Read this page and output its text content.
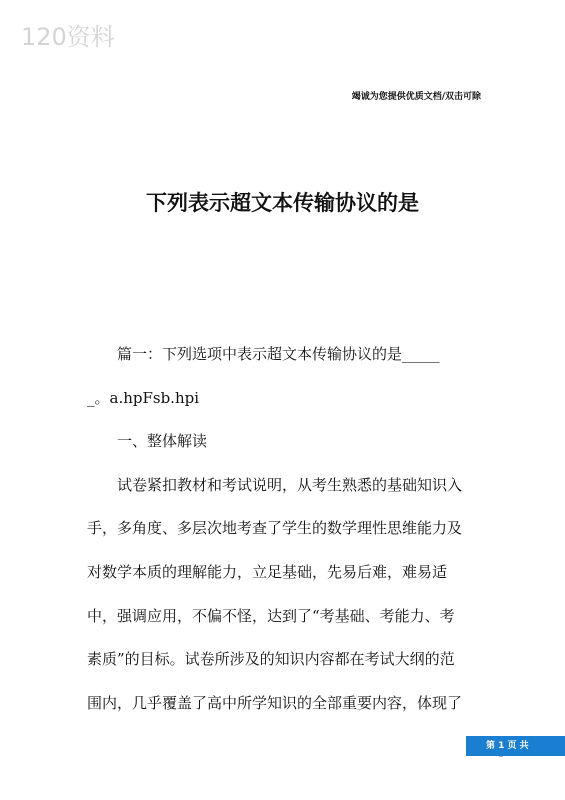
120资料
竭诚为您提供优质文档/双击可除
下列表示超文本传输协议的是
篇一：下列选项中表示超文本传输协议的是_____
_。a.hpFsb.hpi
一、整体解读
试卷紧扣教材和考试说明，从考生熟悉的基础知识入
手，多角度、多层次地考查了学生的数学理性思维能力及
对数学本质的理解能力，立足基础，先易后难，难易适
中，强调应用，不偏不怪，达到了“考基础、考能力、考
素质”的目标。试卷所涉及的知识内容都在考试大纲的范
围内，几乎覆盖了高中所学知识的全部重要内容，体现了
第 1 页 共
